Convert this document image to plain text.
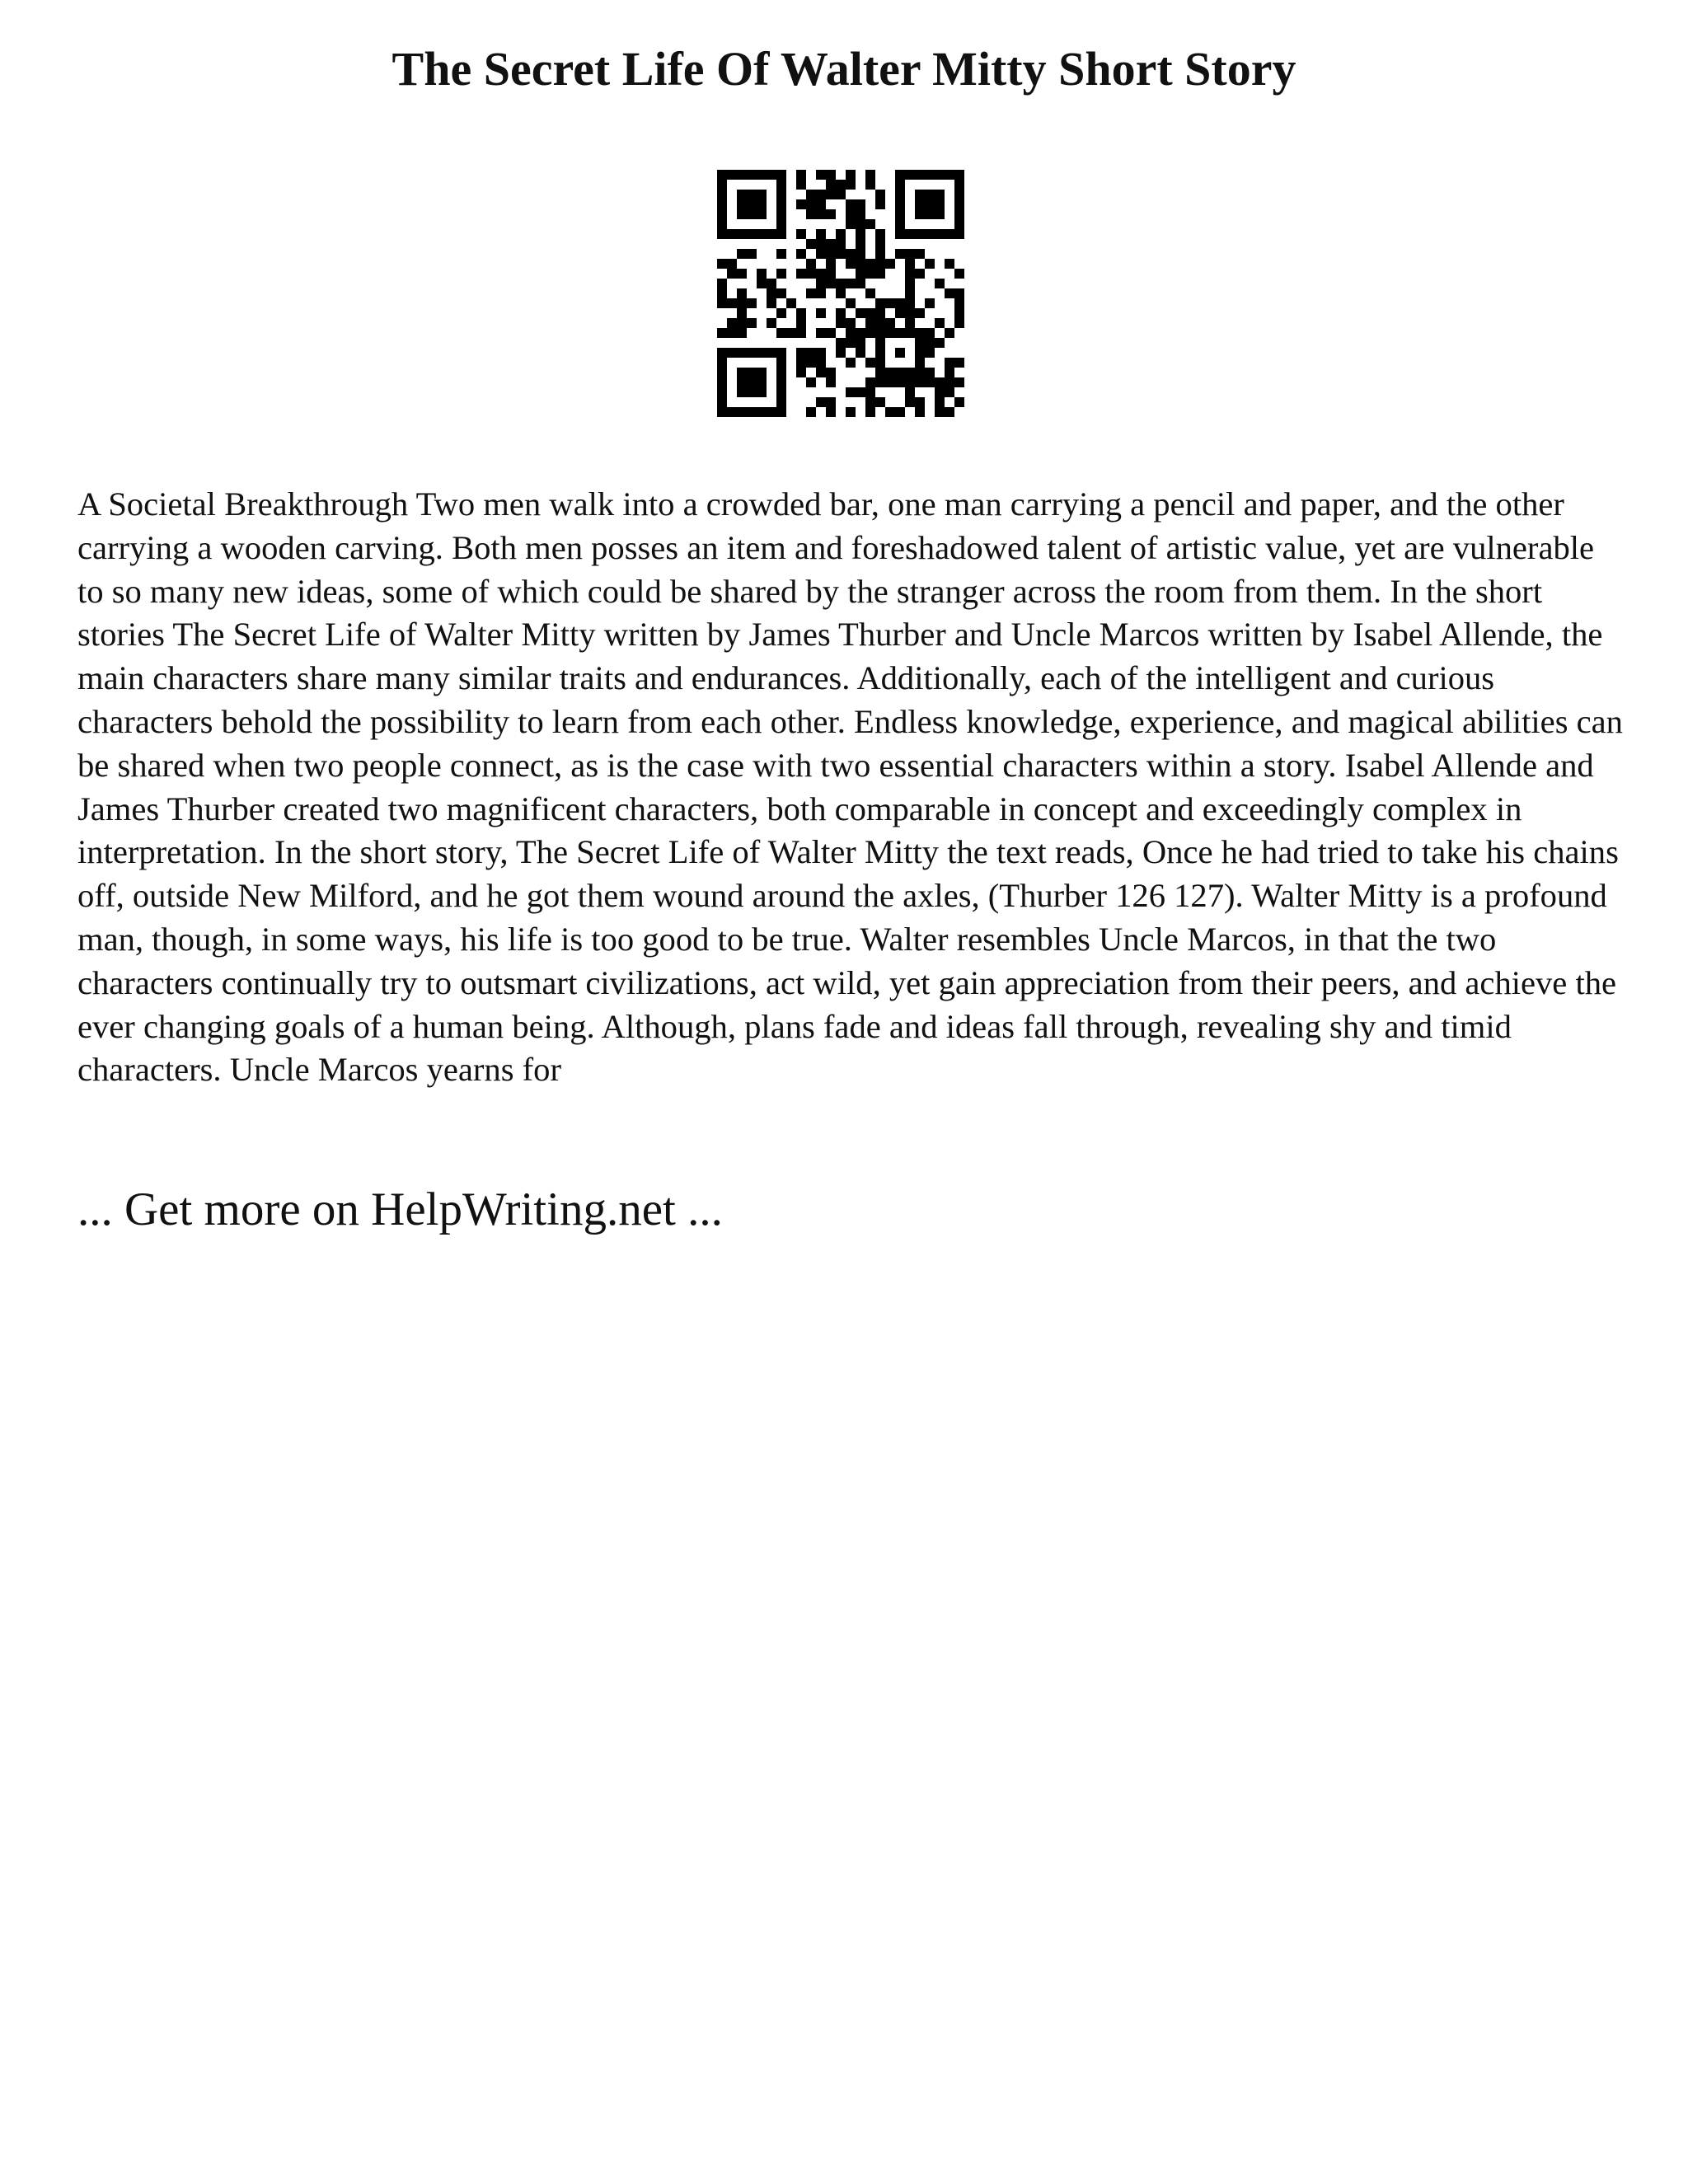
The Secret Life Of Walter Mitty Short Story

A Societal Breakthrough Two men walk into a crowded bar, one man carrying a pencil and paper, and the other carrying a wooden carving. Both men posses an item and foreshadowed talent of artistic value, yet are vulnerable to so many new ideas, some of which could be shared by the stranger across the room from them. In the short stories The Secret Life of Walter Mitty written by James Thurber and Uncle Marcos written by Isabel Allende, the main characters share many similar traits and endurances. Additionally, each of the intelligent and curious characters behold the possibility to learn from each other. Endless knowledge, experience, and magical abilities can be shared when two people connect, as is the case with two essential characters within a story. Isabel Allende and James Thurber created two magnificent characters, both comparable in concept and exceedingly complex in interpretation. In the short story, The Secret Life of Walter Mitty the text reads, Once he had tried to take his chains off, outside New Milford, and he got them wound around the axles, (Thurber 126 127). Walter Mitty is a profound man, though, in some ways, his life is too good to be true. Walter resembles Uncle Marcos, in that the two characters continually try to outsmart civilizations, act wild, yet gain appreciation from their peers, and achieve the ever changing goals of a human being. Although, plans fade and ideas fall through, revealing shy and timid characters. Uncle Marcos yearns for

... Get more on HelpWriting.net ...
